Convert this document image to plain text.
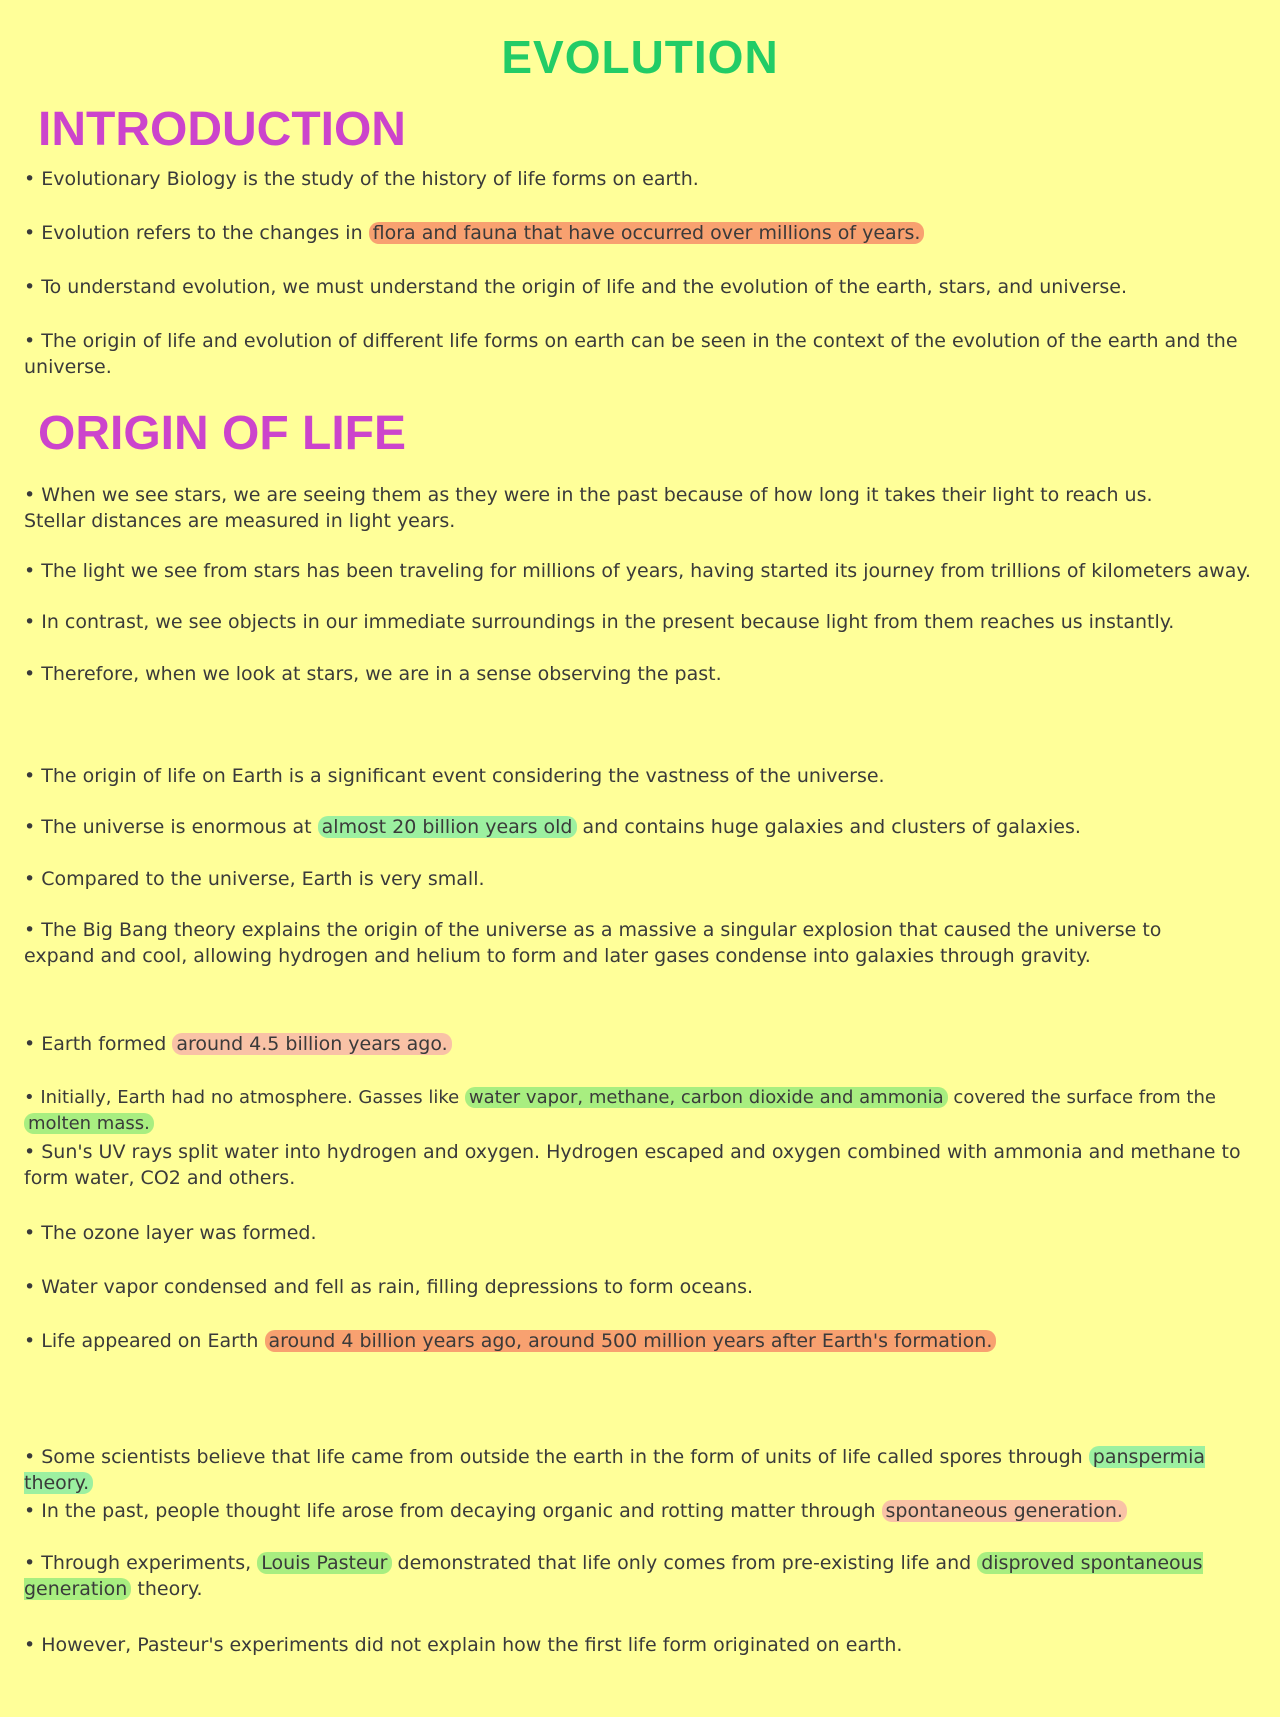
EVOLUTION
INTRODUCTION
• Evolutionary Biology is the study of the history of life forms on earth.
• Evolution refers to the changes in flora and fauna that have occurred over millions of years.
• To understand evolution, we must understand the origin of life and the evolution of the earth, stars, and universe.
• The origin of life and evolution of different life forms on earth can be seen in the context of the evolution of the earth and the universe.
ORIGIN OF LIFE
• When we see stars, we are seeing them as they were in the past because of how long it takes their light to reach us. Stellar distances are measured in light years.
• The light we see from stars has been traveling for millions of years, having started its journey from trillions of kilometers away.
• In contrast, we see objects in our immediate surroundings in the present because light from them reaches us instantly.
• Therefore, when we look at stars, we are in a sense observing the past.
• The origin of life on Earth is a significant event considering the vastness of the universe.
• The universe is enormous at almost 20 billion years old and contains huge galaxies and clusters of galaxies.
• Compared to the universe, Earth is very small.
• The Big Bang theory explains the origin of the universe as a massive a singular explosion that caused the universe to expand and cool, allowing hydrogen and helium to form and later gases condense into galaxies through gravity.
• Earth formed around 4.5 billion years ago.
• Initially, Earth had no atmosphere. Gasses like water vapor, methane, carbon dioxide and ammonia covered the surface from the molten mass.
• Sun's UV rays split water into hydrogen and oxygen. Hydrogen escaped and oxygen combined with ammonia and methane to form water, CO2 and others.
• The ozone layer was formed.
• Water vapor condensed and fell as rain, filling depressions to form oceans.
• Life appeared on Earth around 4 billion years ago, around 500 million years after Earth's formation.
• Some scientists believe that life came from outside the earth in the form of units of life called spores through panspermia theory.
• In the past, people thought life arose from decaying organic and rotting matter through spontaneous generation.
• Through experiments, Louis Pasteur demonstrated that life only comes from pre-existing life and disproved spontaneous generation theory.
• However, Pasteur's experiments did not explain how the first life form originated on earth.
